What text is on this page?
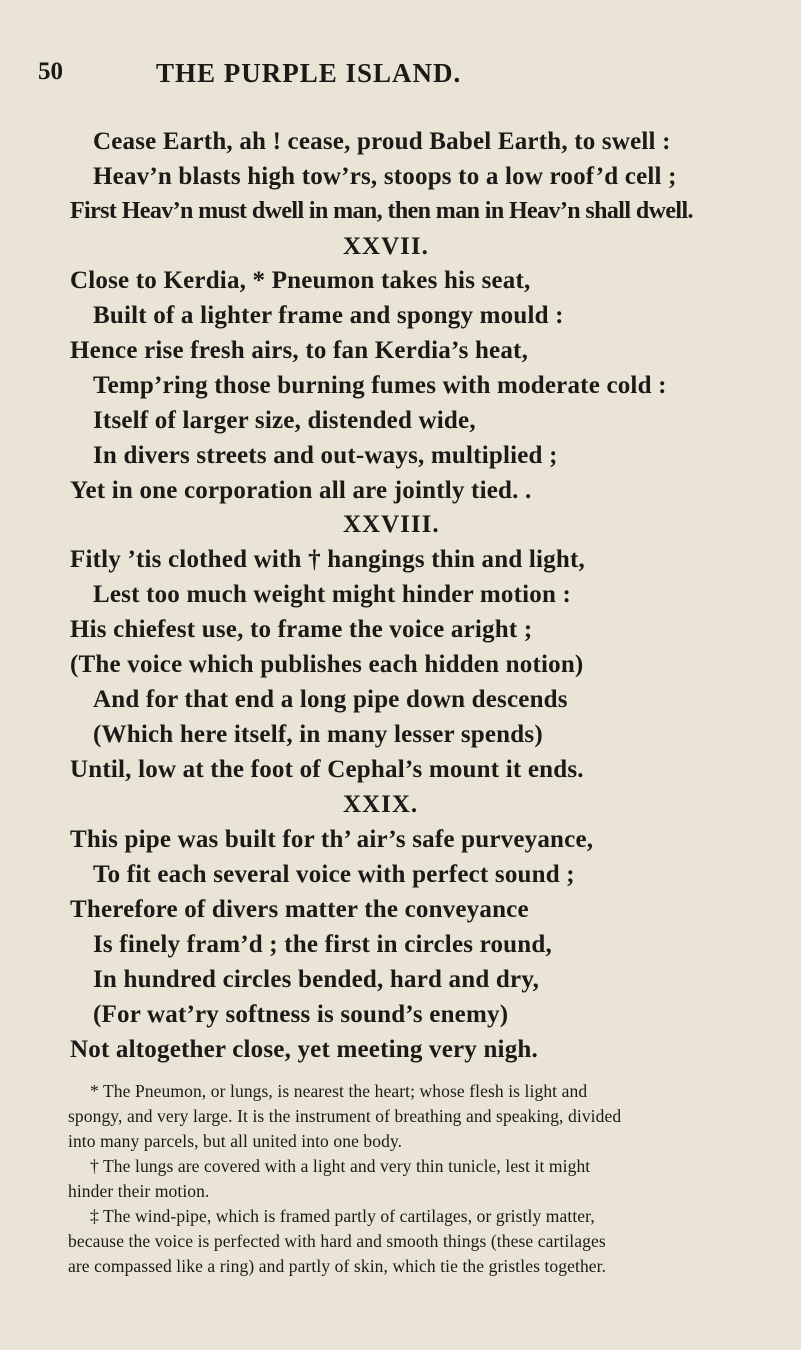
50	THE PURPLE ISLAND.
Cease Earth, ah ! cease, proud Babel Earth, to swell :
Heav’n blasts high tow’rs, stoops to a low roof’d cell ;
First Heav’n must dwell in man, then man in Heav’n shall dwell.
XXVII.
Close to Kerdia, * Pneumon takes his seat,
Built of a lighter frame and spongy mould :
Hence rise fresh airs, to fan Kerdia’s heat,
Temp’ring those burning fumes with moderate cold :
Itself of larger size, distended wide,
In divers streets and out-ways, multiplied ;
Yet in one corporation all are jointly tied. .
XXVIII.
Fitly ’tis clothed with † hangings thin and light,
Lest too much weight might hinder motion :
His chiefest use, to frame the voice aright ;
(The voice which publishes each hidden notion)
And for that end a long pipe down descends
(Which here itself, in many lesser spends)
Until, low at the foot of Cephal’s mount it ends.
XXIX.
This pipe was built for th’ air’s safe purveyance,
To fit each several voice with perfect sound ;
Therefore of divers matter the conveyance
Is finely fram’d ; the first in circles round,
In hundred circles bended, hard and dry,
(For wat’ry softness is sound’s enemy)
Not altogether close, yet meeting very nigh.
* The Pneumon, or lungs, is nearest the heart; whose flesh is light and
spongy, and very large. It is the instrument of breathing and speaking, divided
into many parcels, but all united into one body.
† The lungs are covered with a light and very thin tunicle, lest it might
hinder their motion.
‡ The wind-pipe, which is framed partly of cartilages, or gristly matter,
because the voice is perfected with hard and smooth things (these cartilages
are compassed like a ring) and partly of skin, which tie the gristles together.
